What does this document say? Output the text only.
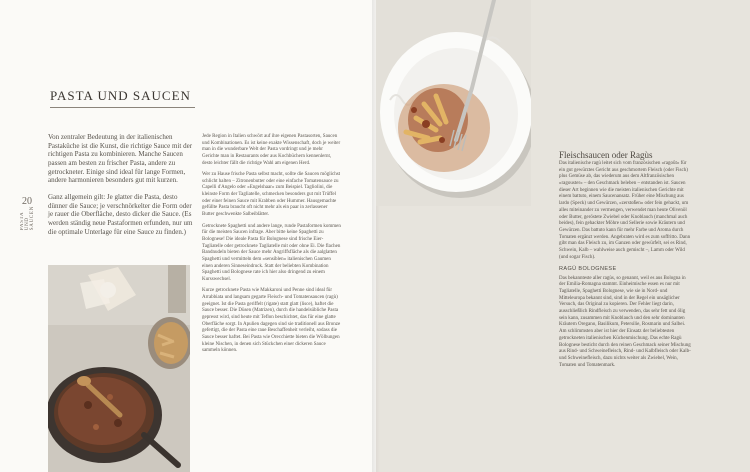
PASTA UND SAUCEN
20
PASTA UND SAUCEN

Von zentraler Bedeutung in der italienischen Pastaküche ist die Kunst, die richtige Sauce mit der richtigen Pasta zu kombinieren. Manche Saucen passen am besten zu frischer Pasta, andere zu getrockneter. Einige sind ideal für lange Formen, andere harmonieren besonders gut mit kurzen.

Ganz allgemein gilt: Je glatter die Pasta, desto dünner die Sauce; je verschnörkelter die Form oder je rauer die Oberfläche, desto dicker die Sauce. (Es werden ständig neue Pastaformen erfunden, nur um die optimale Unterlage für eine Sauce zu finden.)

Jede Region in Italien schwört auf ihre eigenen Pastasorten, Saucen und Kombinationen. Es ist keine exakte Wissenschaft, doch je weiter man in die wunderbare Welt der Pasta vordringt und je mehr Gerichte man in Restaurants oder aus Kochbüchern kennenlernt, desto leichter fällt die richtige Wahl am eigenen Herd.

Wer zu Hause frische Pasta selbst macht, sollte die Saucen möglichst schlicht halten – Zitronenbutter oder eine einfache Tomatensauce zu Capelli d'Angelo oder »Engelshaar« zum Beispiel. Tagliolini, die kleinste Form der Tagliatelle, schmecken besonders gut mit Trüffel oder einer feinen Sauce mit Krabben oder Hummer. Hausgemachte gefüllte Pasta braucht oft nicht mehr als ein paar in zerlassener Butter geschwenkte Salbeiblätter.

Getrocknete Spaghetti und andere lange, runde Pastaformen kommen für die meisten Saucen infrage. Aber bitte keine Spaghetti zu Bolognese! Die ideale Pasta für Bolognese sind frische Eier-Tagliatelle oder getrocknete Tagliatelle mit oder ohne Ei. Die flachen Bandnudeln bieten der Sauce mehr Angriffsfläche als die aalglatten Spaghetti und vermitteln dem »sensiblen« italienischen Gaumen einen anderen Sinneseindruck. Statt der beliebten Kombination Spaghetti und Bolognese rate ich hier also dringend zu einem Kursswechsel.

Kurze getrocknete Pasta wie Makkaroni und Penne sind ideal für Arrabbiata und langsam gegarte Fleisch- und Tomatensaucen (ragù) geeignet. Ist die Pasta geriffelt (rigate) statt glatt (lisce), haftet die Sauce besser. Die Düsen (Matrizen), durch die handelsübliche Pasta gepresst wird, sind heute mit Teflon beschichtet, das für eine glatte Oberfläche sorgt. In Apulien dagegen sind sie traditionell aus Bronze gefertigt, die der Pasta eine raue Beschaffenheit verleiht, sodass die Sauce besser haftet. Bei Pasta wie Orecchiette bieten die Wölbungen kleine Nischen, in denen sich Stückchen einer dickeren Sauce sammeln können.

Fleischsaucen oder Ragùs

Das italienische ragù leitet sich vom französischen »ragoût« für ein gut gewürztes Gericht aus geschmortem Fleisch (oder Fisch) plus Gemüse ab, das wiederum aus dem Altfranzösischen »ragouster« – den Geschmack beleben – entstanden ist. Saucen dieser Art beginnen wie die meisten italienischen Gerichte mit einem battuto, einem Saucenansatz. Früher eine Mischung aus lardo (Speck) und Gewürzen, »zerstoßen« oder fein gehackt, um alles miteinander zu vermengen, verwendet man heute Olivenöl oder Butter, geröstete Zwiebel oder Knoblauch (manchmal auch beides), fein gehackter Möhre und Sellerie sowie Kräutern und Gewürzen. Das battuto kann für mehr Farbe und Aroma durch Tomaten ergänzt werden. Angebraten wird es zum soffritto. Dann gibt man das Fleisch zu, im Ganzen oder gewürfelt, sei es Rind, Schwein, Kalb – wahlweise auch gemischt –, Lamm oder Wild (und sogar Fisch).

RAGÙ BOLOGNESE

Das bekannteste aller ragùs, so genannt, weil es aus Bologna in der Emilia-Romagna stammt. Einheimische essen es nur mit Tagliatelle, Spaghetti Bolognese, wie sie in Nord- und Mitteleuropa bekannt sind, sind in der Regel ein unsäglicher Versuch, das Original zu kopieren. Der Fehler liegt darin, ausschließlich Rindfleisch zu verwenden, das sehr fett und ölig sein kann, zusammen mit Knoblauch und den sehr dominanten Kräutern Oregano, Basilikum, Petersilie, Rosmarin und Salbei. Am schlimmsten aber ist hier der Einsatz der beliebtesten getrockneten italienischen Küchenmischung. Das echte Ragù Bolognese besticht durch den reinen Geschmack seiner Mischung aus Rind- und Schweinefleisch, Rind- und Kalbfleisch oder Kalb- und Schweinefleisch, dazu nichts weiter als Zwiebel, Wein, Tomaten und Tomatenmark.
